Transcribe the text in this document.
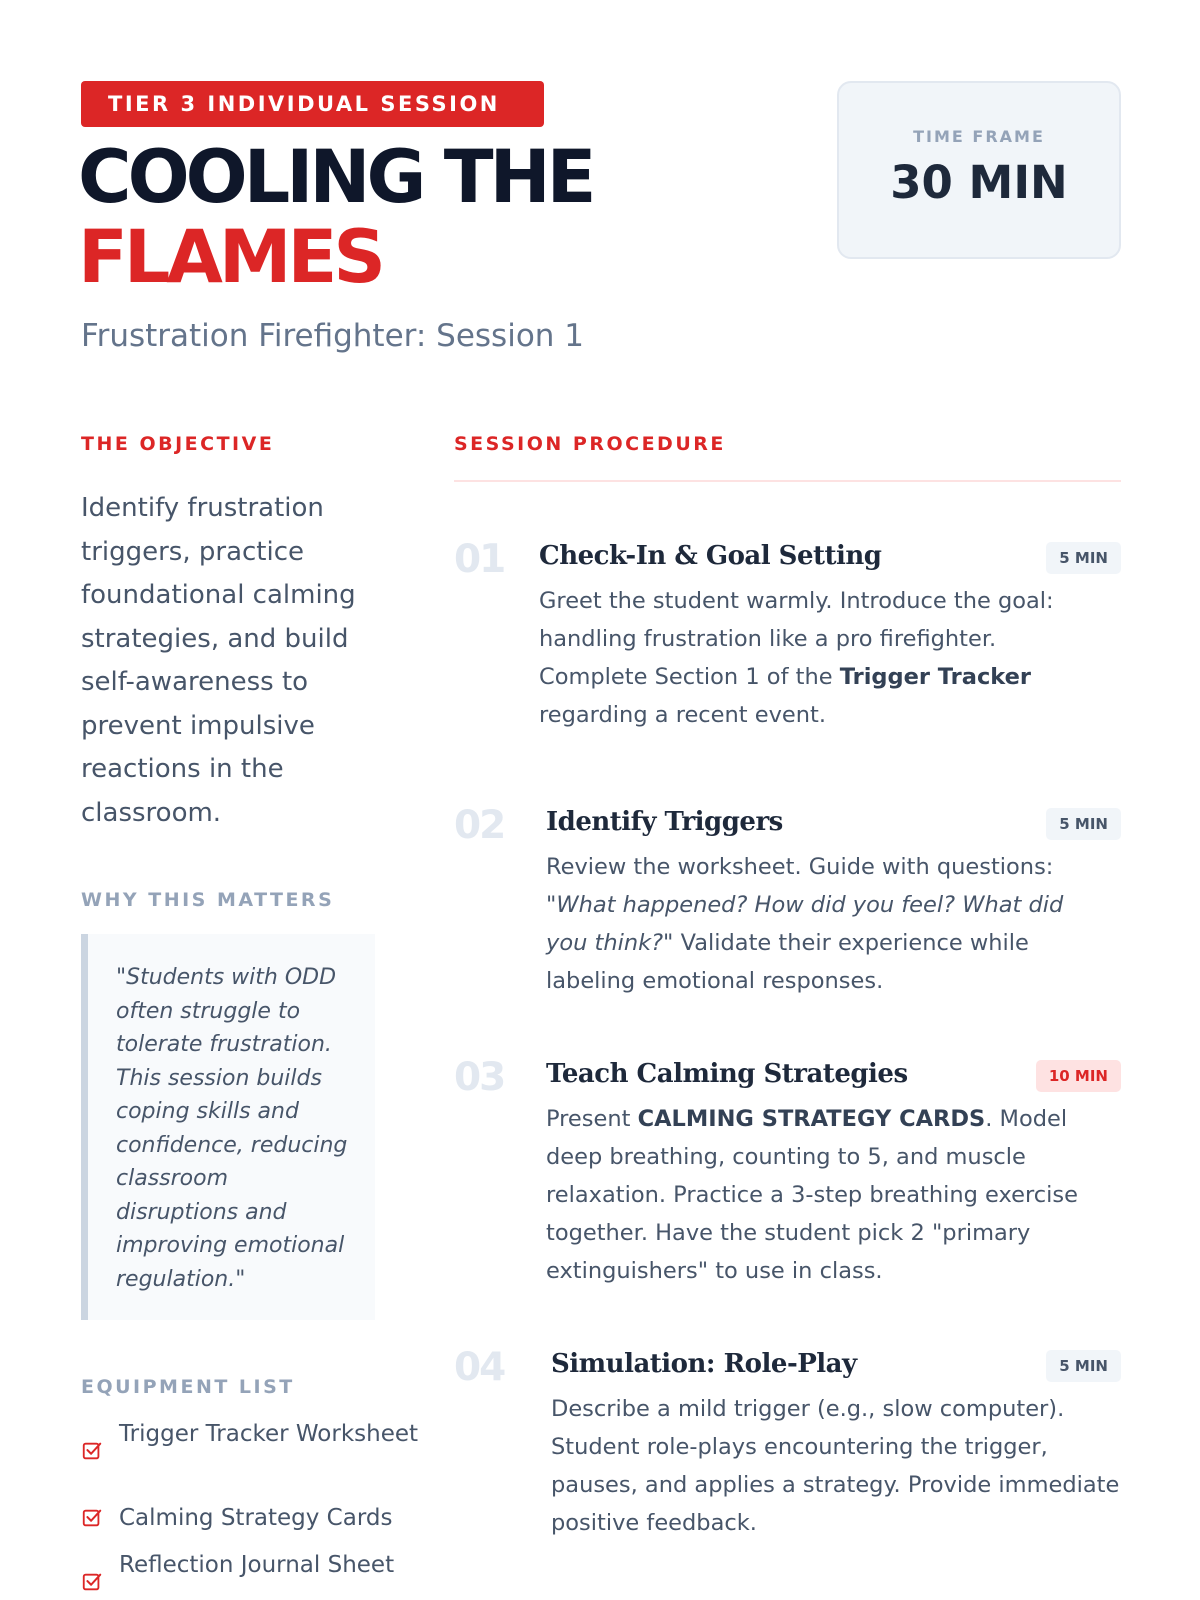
TIER 3 INDIVIDUAL SESSION
COOLING THE
FLAMES
Frustration Firefighter: Session 1
TIME FRAME
30 MIN
THE OBJECTIVE
Identify frustration triggers, practice foundational calming strategies, and build self-awareness to prevent impulsive reactions in the classroom.
WHY THIS MATTERS
"Students with ODD often struggle to tolerate frustration. This session builds coping skills and confidence, reducing classroom disruptions and improving emotional regulation."
EQUIPMENT LIST
Trigger Tracker Worksheet
Calming Strategy Cards
Reflection Journal Sheet
SESSION PROCEDURE
01 Check-In & Goal Setting	5 MIN
Greet the student warmly. Introduce the goal: handling frustration like a pro firefighter. Complete Section 1 of the Trigger Tracker regarding a recent event.
02 Identify Triggers	5 MIN
Review the worksheet. Guide with questions: "What happened? How did you feel? What did you think?" Validate their experience while labeling emotional responses.
03 Teach Calming Strategies	10 MIN
Present CALMING STRATEGY CARDS. Model deep breathing, counting to 5, and muscle relaxation. Practice a 3-step breathing exercise together. Have the student pick 2 "primary extinguishers" to use in class.
04 Simulation: Role-Play	5 MIN
Describe a mild trigger (e.g., slow computer). Student role-plays encountering the trigger, pauses, and applies a strategy. Provide immediate positive feedback.
